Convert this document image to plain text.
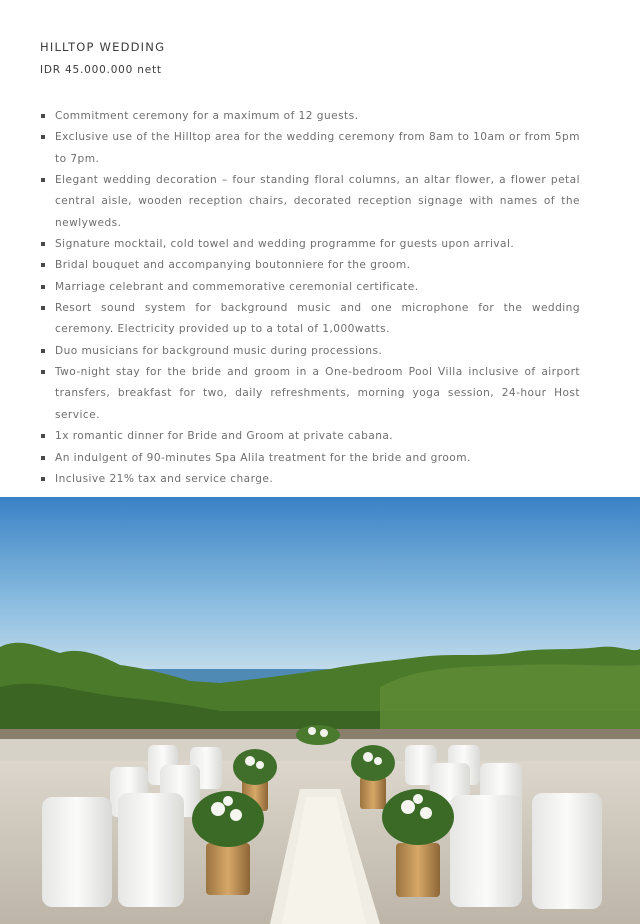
HILLTOP WEDDING
IDR 45.000.000 nett
Commitment ceremony for a maximum of 12 guests.
Exclusive use of the Hilltop area for the wedding ceremony from 8am to 10am or from 5pm to 7pm.
Elegant wedding decoration – four standing floral columns, an altar flower, a flower petal central aisle, wooden reception chairs, decorated reception signage with names of the newlyweds.
Signature mocktail, cold towel and wedding programme for guests upon arrival.
Bridal bouquet and accompanying boutonniere for the groom.
Marriage celebrant and commemorative ceremonial certificate.
Resort sound system for background music and one microphone for the wedding ceremony. Electricity provided up to a total of 1,000watts.
Duo musicians for background music during processions.
Two-night stay for the bride and groom in a One-bedroom Pool Villa inclusive of airport transfers, breakfast for two, daily refreshments, morning yoga session, 24-hour Host service.
1x romantic dinner for Bride and Groom at private cabana.
An indulgent of 90-minutes Spa Alila treatment for the bride and groom.
Inclusive 21% tax and service charge.
